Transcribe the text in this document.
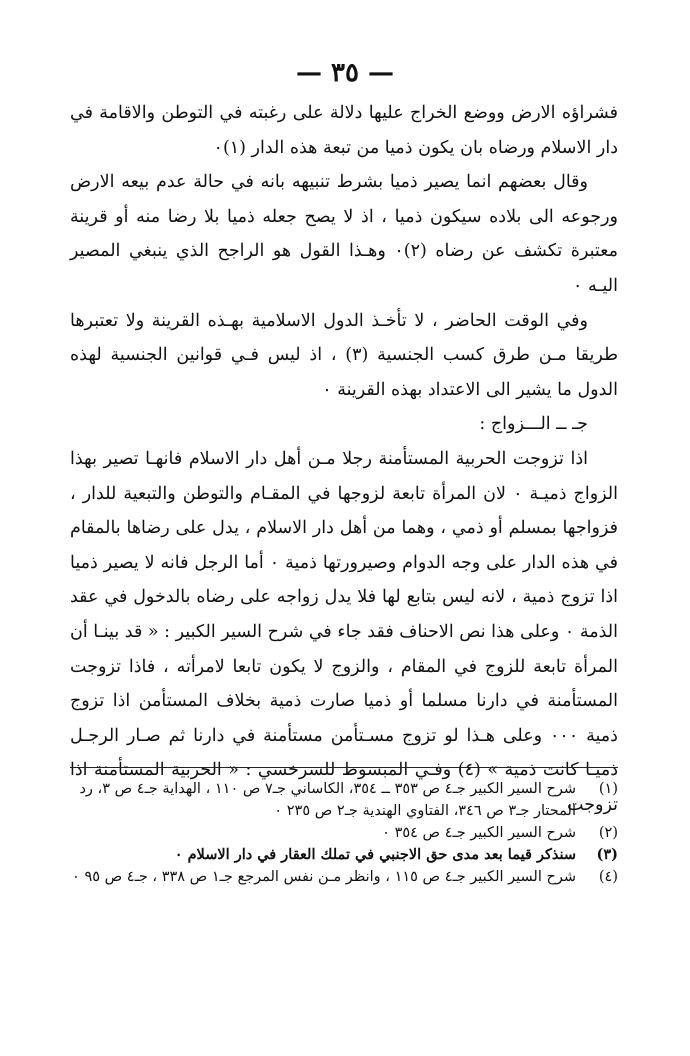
— ٣٥ —

فشراؤه الارض ووضع الخراج عليها دلالة على رغبته في التوطن والاقامة في دار الاسلام ورضاه بان يكون ذميا من تبعة هذه الدار (١)٠

وقال بعضهم انما يصير ذميا بشرط تنبيهه بانه في حالة عدم بيعه الارض ورجوعه الى بلاده سيكون ذميا ، اذ لا يصح جعله ذميا بلا رضا منه أو قرينة معتبرة تكشف عن رضاه (٢)٠ وهـذا القول هو الراجح الذي ينبغي المصير اليـه ٠

وفي الوقت الحاضر ، لا تأخـذ الدول الاسلامية بهـذه القرينة ولا تعتبرها طريقا مـن طرق كسب الجنسية (٣) ، اذ ليس فـي قوانين الجنسية لهذه الدول ما يشير الى الاعتداد بهذه القرينة ٠

جـ ــ الـــزواج :

اذا تزوجت الحربية المستأمنة رجلا مـن أهل دار الاسلام فانهـا تصير بهذا الزواج ذميـة ٠ لان المرأة تابعة لزوجها في المقـام والتوطن والتبعية للدار ، فزواجها بمسلم أو ذمي ، وهما من أهل دار الاسلام ، يدل على رضاها بالمقام في هذه الدار على وجه الدوام وصيرورتها ذمية ٠ أما الرجل فانه لا يصير ذميا اذا تزوج ذمية ، لانه ليس بتابع لها فلا يدل زواجه على رضاه بالدخول في عقد الذمة ٠ وعلى هذا نص الاحناف فقد جاء في شرح السير الكبير : « قد بينـا أن المرأة تابعة للزوج في المقام ، والزوج لا يكون تابعا لامرأته ، فاذا تزوجت المستأمنة في دارنا مسلما أو ذميا صارت ذمية بخلاف المستأمن اذا تزوج ذمية ٠٠٠ وعلى هـذا لو تزوج مسـتأمن مستأمنة في دارنا ثم صـار الرجـل ذميـا كانت ذمية » (٤) وفـي المبسوط للسرخسي : « الحربية المستأمنة اذا تزوجت

(١)
شرح السير الكبير جـ٤ ص ٣٥٣ ــ ٣٥٤، الكاساني جـ٧ ص ١١٠ ، الهداية جـ٤ ص ٣، رد المحتار جـ٣ ص ٣٤٦، الفتاوي الهندية جـ٢ ص ٢٣٥ ٠
(٢)
شرح السير الكبير جـ٤ ص ٣٥٤ ٠
(٣)
سنذكر قيما بعد مدى حق الاجنبي في تملك العقار في دار الاسلام ٠
(٤)
شرح السير الكبير جـ٤ ص ١١٥ ، وانظر مـن نفس المرجع جـ١ ص ٣٣٨ ، جـ٤ ص ٩٥ ٠
